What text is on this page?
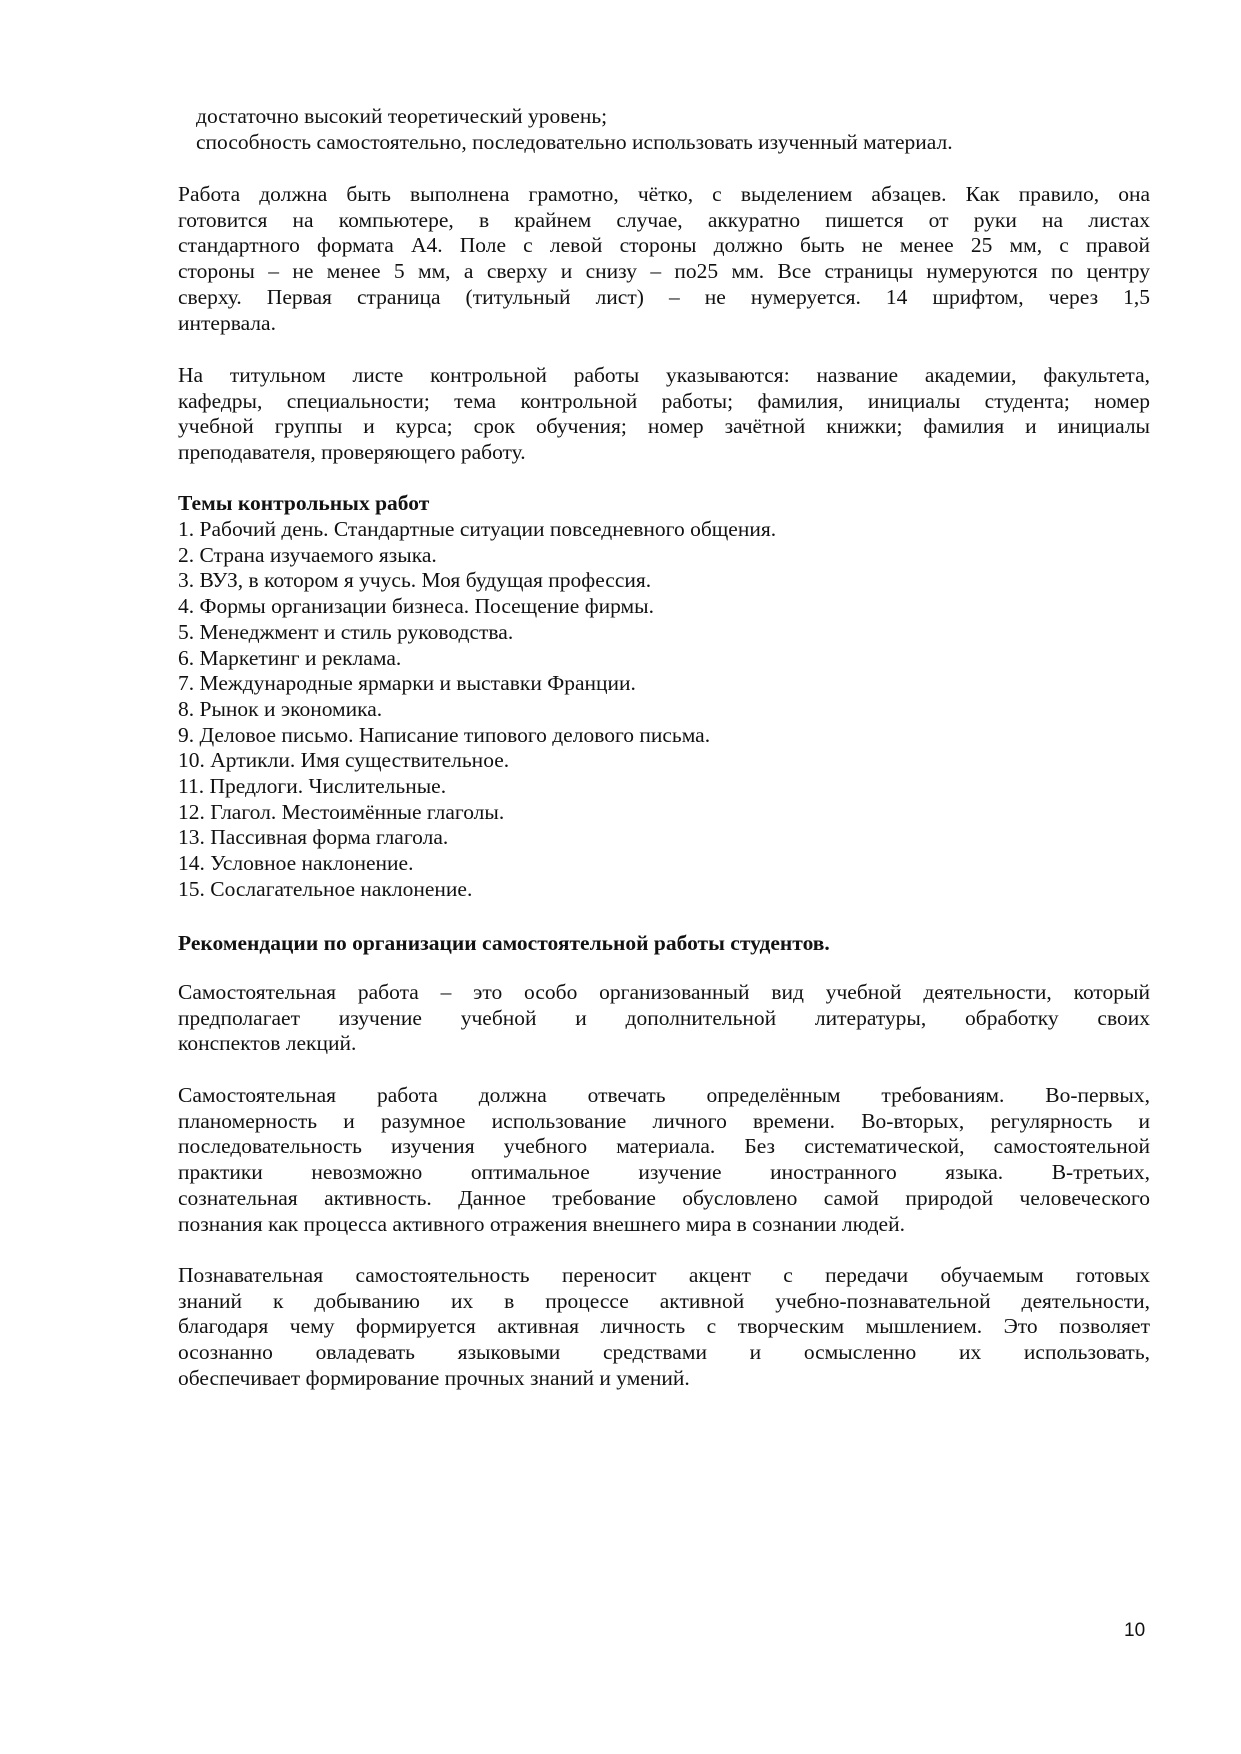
достаточно высокий теоретический уровень;
способность самостоятельно, последовательно использовать изученный материал.
Работа должна быть выполнена грамотно, чётко, с выделением абзацев. Как правило, она
готовится на компьютере, в крайнем случае, аккуратно пишется от руки на листах
стандартного формата А4. Поле с левой стороны должно быть не менее 25 мм, с правой
стороны – не менее 5 мм, а сверху и снизу – по25 мм. Все страницы нумеруются по центру
сверху. Первая страница (титульный лист) – не нумеруется. 14 шрифтом, через 1,5
интервала.
На титульном листе контрольной работы указываются: название академии, факультета,
кафедры, специальности; тема контрольной работы; фамилия, инициалы студента; номер
учебной группы и курса; срок обучения; номер зачётной книжки; фамилия и инициалы
преподавателя, проверяющего работу.
Темы контрольных работ
1. Рабочий день. Стандартные ситуации повседневного общения.
2. Страна изучаемого языка.
3. ВУЗ, в котором я учусь. Моя будущая профессия.
4. Формы организации бизнеса. Посещение фирмы.
5. Менеджмент и стиль руководства.
6. Маркетинг и реклама.
7. Международные ярмарки и выставки Франции.
8. Рынок и экономика.
9. Деловое письмо. Написание типового делового письма.
10. Артикли. Имя существительное.
11. Предлоги. Числительные.
12. Глагол. Местоимённые глаголы.
13. Пассивная форма глагола.
14. Условное наклонение.
15. Сослагательное наклонение.
Рекомендации по организации самостоятельной работы студентов.
Самостоятельная работа – это особо организованный вид учебной деятельности, который
предполагает изучение учебной и дополнительной литературы, обработку своих
конспектов лекций.
Самостоятельная работа должна отвечать определённым требованиям. Во-первых,
планомерность и разумное использование личного времени. Во-вторых, регулярность и
последовательность изучения учебного материала. Без систематической, самостоятельной
практики невозможно оптимальное изучение иностранного языка. В-третьих,
сознательная активность. Данное требование обусловлено самой природой человеческого
познания как процесса активного отражения внешнего мира в сознании людей.
Познавательная самостоятельность переносит акцент с передачи обучаемым готовых
знаний к добыванию их в процессе активной учебно-познавательной деятельности,
благодаря чему формируется активная личность с творческим мышлением. Это позволяет
осознанно овладевать языковыми средствами и осмысленно их использовать,
обеспечивает формирование прочных знаний и умений.
10
